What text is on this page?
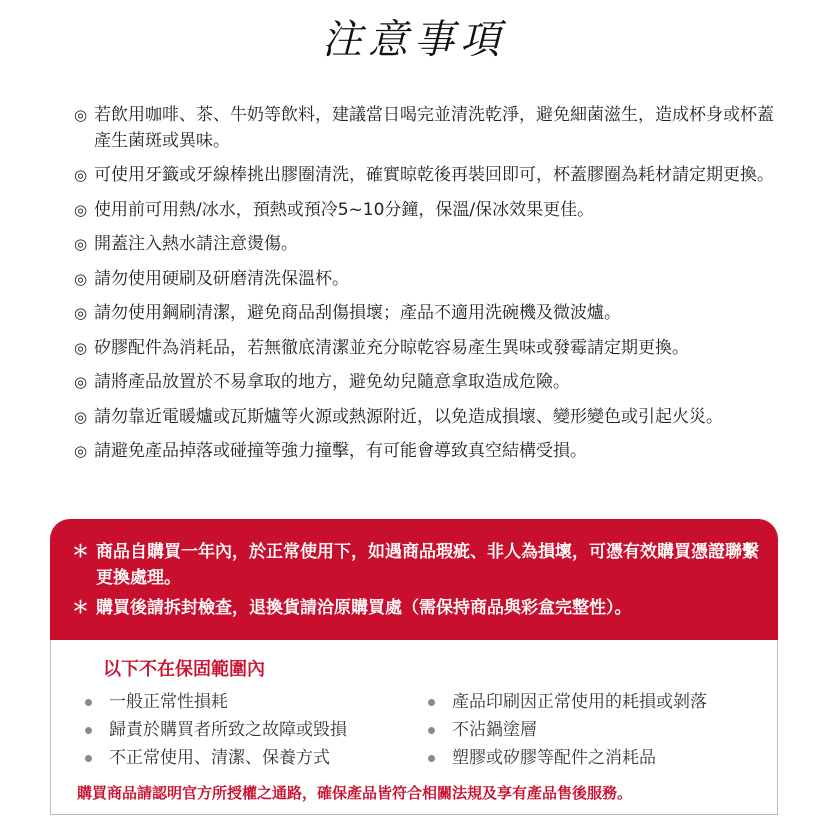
注意事項
◎ 若飲用咖啡、茶、牛奶等飲料，建議當日喝完並清洗乾淨，避免細菌滋生，造成杯身或杯蓋產生菌斑或異味。
◎ 可使用牙籤或牙線棒挑出膠圈清洗，確實晾乾後再裝回即可，杯蓋膠圈為耗材請定期更換。
◎ 使用前可用熱/冰水，預熱或預冷5~10分鐘，保溫/保冰效果更佳。
◎ 開蓋注入熱水請注意燙傷。
◎ 請勿使用硬刷及研磨清洗保溫杯。
◎ 請勿使用鋼刷清潔，避免商品刮傷損壞；產品不適用洗碗機及微波爐。
◎ 矽膠配件為消耗品，若無徹底清潔並充分晾乾容易產生異味或發霉請定期更換。
◎ 請將產品放置於不易拿取的地方，避免幼兒隨意拿取造成危險。
◎ 請勿靠近電暖爐或瓦斯爐等火源或熱源附近，以免造成損壞、變形變色或引起火災。
◎ 請避免產品掉落或碰撞等強力撞擊，有可能會導致真空結構受損。
＊ 商品自購買一年內，於正常使用下，如遇商品瑕疵、非人為損壞，可憑有效購買憑證聯繫更換處理。
＊ 購買後請拆封檢查，退換貨請洽原購買處（需保持商品與彩盒完整性）。
以下不在保固範圍內
一般正常性損耗
歸責於購買者所致之故障或毀損
不正常使用、清潔、保養方式
產品印刷因正常使用的耗損或剝落
不沾鍋塗層
塑膠或矽膠等配件之消耗品
購買商品請認明官方所授權之通路，確保產品皆符合相關法規及享有產品售後服務。
